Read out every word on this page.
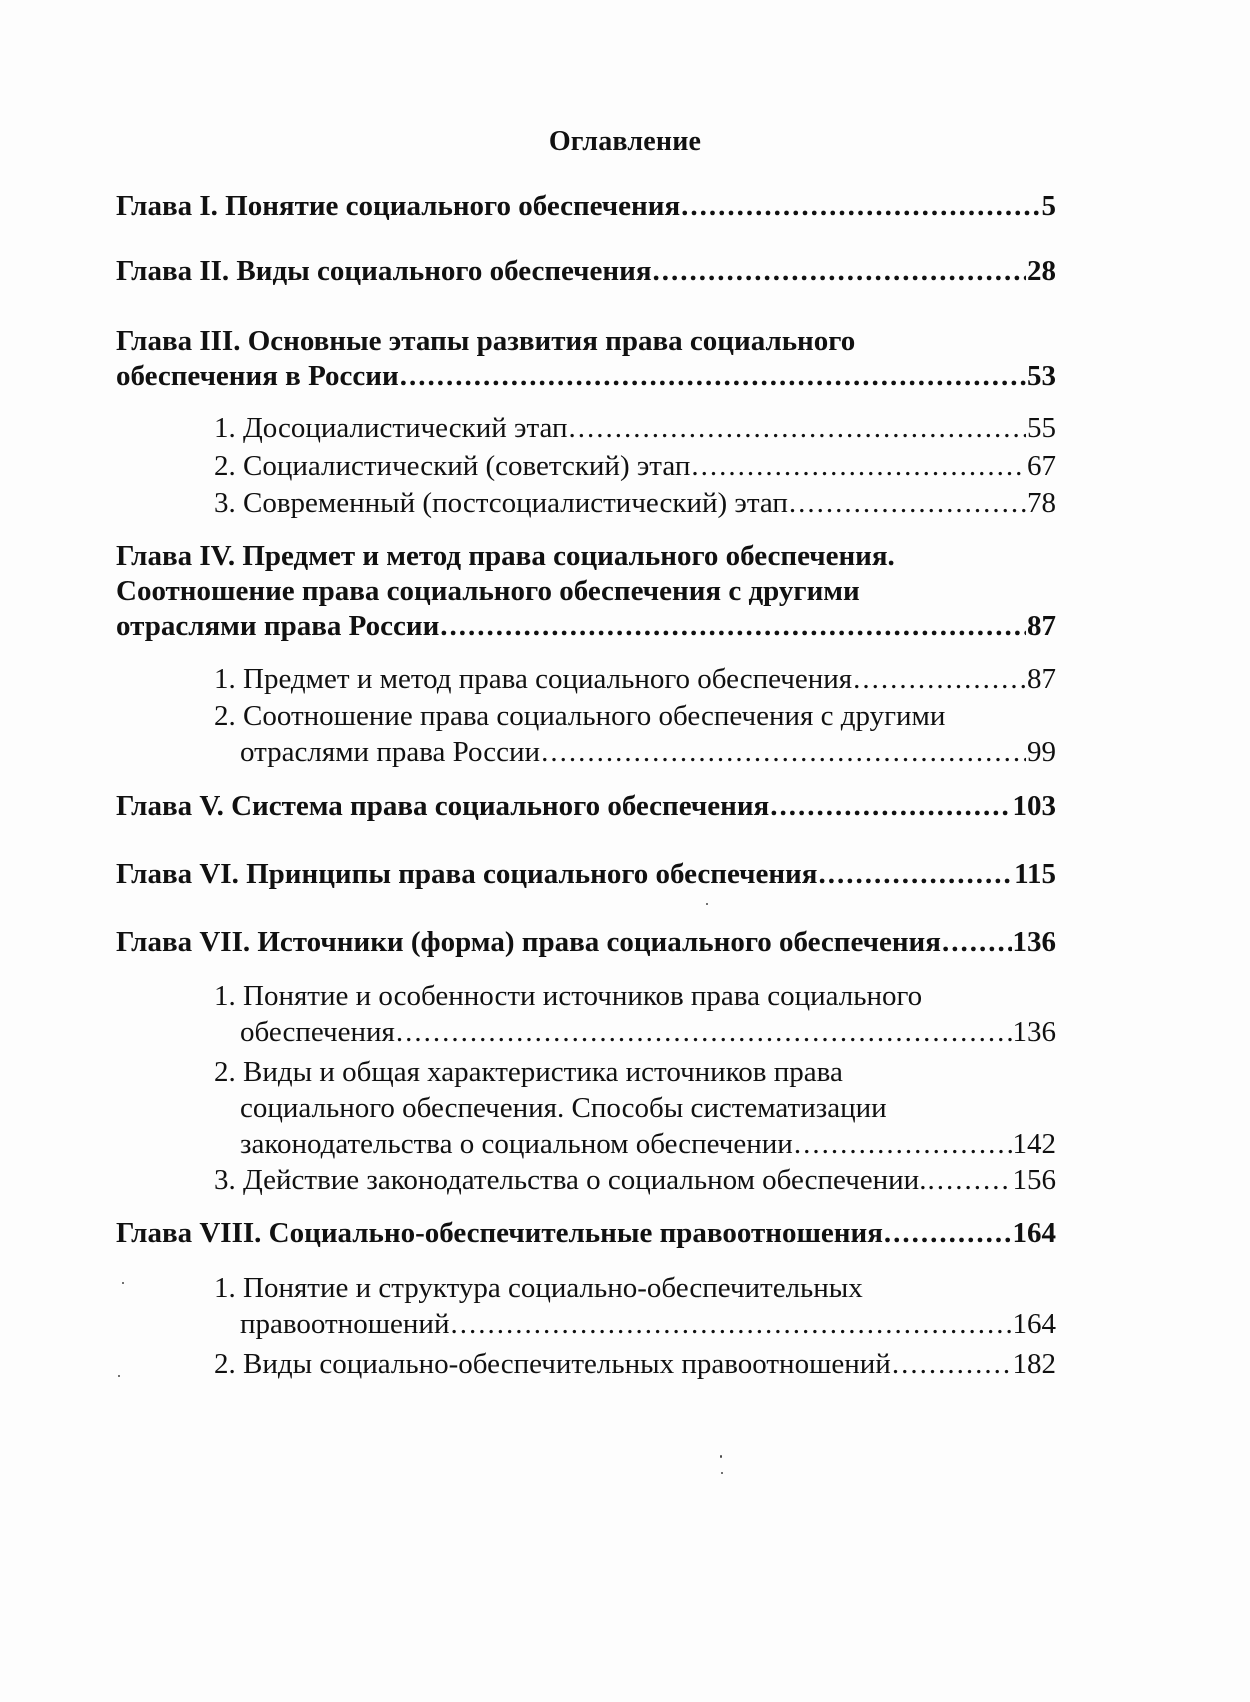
Оглавление
Глава I. Понятие социального обеспечения .....	5
Глава II. Виды социального обеспечения .....	28
Глава III. Основные этапы развития права социального
обеспечения в России .....	53
1. Досоциалистический этап .....	55
2. Социалистический (советский) этап .....	67
3. Современный (постсоциалистический) этап .....	78
Глава IV. Предмет и метод права социального обеспечения.
Соотношение права социального обеспечения с другими
отраслями права России .....	87
1. Предмет и метод права социального обеспечения .....	87
2. Соотношение права социального обеспечения с другими
отраслями права России .....	99
Глава V. Система права социального обеспечения .....	103
Глава VI. Принципы права социального обеспечения .....	115
Глава VII. Источники (форма) права социального обеспечения ..... 136
1. Понятие и особенности источников права социального
обеспечения .....	136
2. Виды и общая характеристика источников права
социального обеспечения. Способы систематизации
законодательства о социальном обеспечении .....	142
3. Действие законодательства о социальном обеспечении. .....	156
Глава VIII. Социально-обеспечительные правоотношения .....	164
1. Понятие и структура социально-обеспечительных
правоотношений .....	164
2. Виды социально-обеспечительных правоотношений .....	182
